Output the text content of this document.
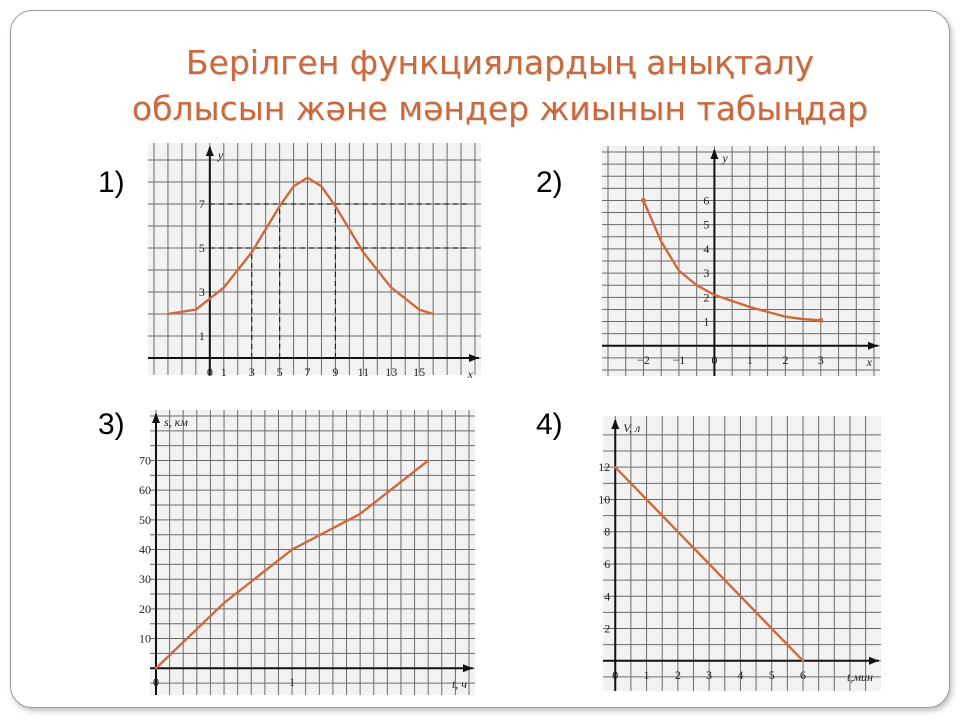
Берілген функциялардың анықталу
облысын және мәндер жиынын табыңдар
1)	2)
3)	4)
x
y
0 1 3 5 7 9 11 13 15
1
3
5
7
x
y
−2 −1 0 1 2 3
1
2
3
4
5
6
t, ч
s, км
0	1
10
20
30
40
50
60
70
t,мин
V, л
0 1 2 3 4 5 6
2
4
6
8
10
12
